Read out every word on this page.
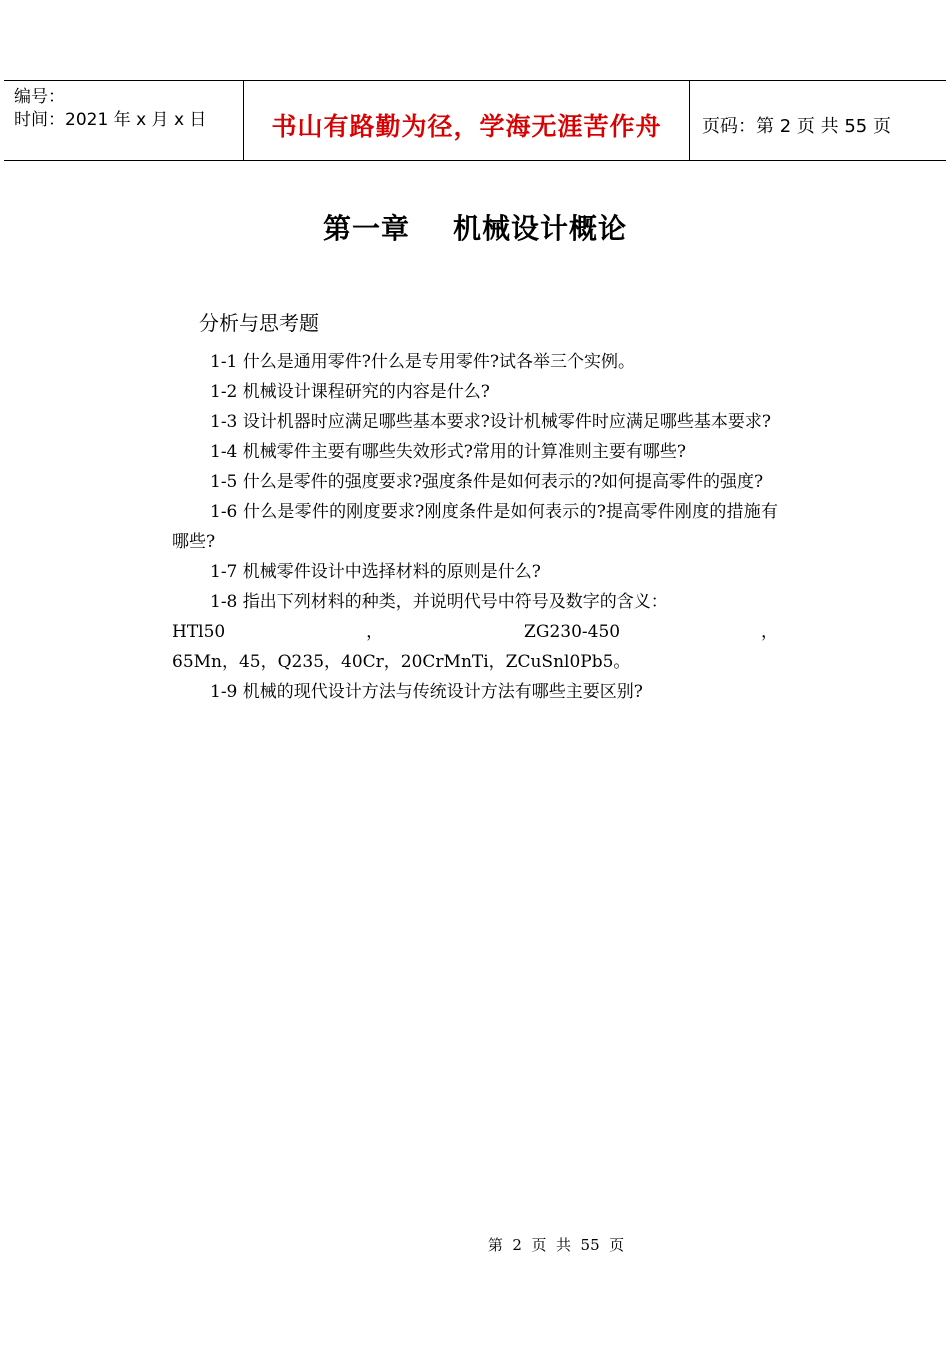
编号：
时间：2021 年 x 月 x 日	书山有路勤为径，学海无涯苦作舟	页码：第 2 页 共 55 页
第一章    机械设计概论
分析与思考题

1-1 什么是通用零件?什么是专用零件?试各举三个实例。

1-2 机械设计课程研究的内容是什么?

1-3 设计机器时应满足哪些基本要求?设计机械零件时应满足哪些基本要求?

1-4 机械零件主要有哪些失效形式?常用的计算准则主要有哪些?

1-5 什么是零件的强度要求?强度条件是如何表示的?如何提高零件的强度?

1-6 什么是零件的刚度要求?刚度条件是如何表示的?提高零件刚度的措施有哪些?

1-7 机械零件设计中选择材料的原则是什么?

1-8 指出下列材料的种类，并说明代号中符号及数字的含义：

HTl50	，	ZG230-450	，

65Mn，45，Q235，40Cr，20CrMnTi，ZCuSnl0Pb5。

1-9 机械的现代设计方法与传统设计方法有哪些主要区别?

第  2  页  共  55  页
